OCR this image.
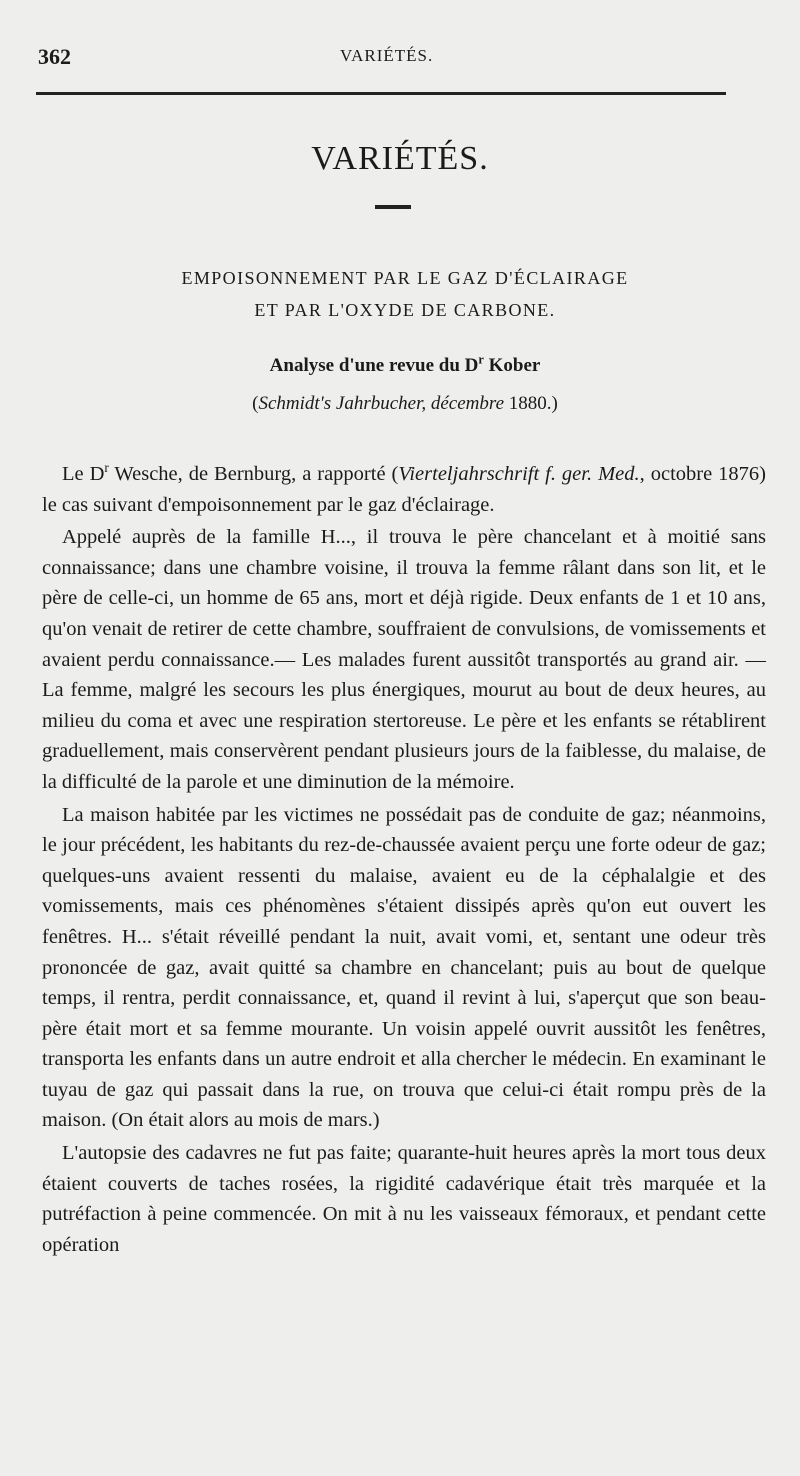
362	VARIÉTÉS.
VARIÉTÉS.
EMPOISONNEMENT PAR LE GAZ D'ÉCLAIRAGE
ET PAR L'OXYDE DE CARBONE.
Analyse d'une revue du $D^r$ Kober
(Schmidt's Jahrbucher, décembre 1880.)

Le $D^r$ Wesche, de Bernburg, a rapporté (Vierteljahrschrift f. ger. Med., octobre 1876) le cas suivant d'empoisonnement par le gaz d'éclairage.

Appelé auprès de la famille H..., il trouva le père chancelant et à moitié sans connaissance; dans une chambre voisine, il trouva la femme râlant dans son lit, et le père de celle-ci, un homme de 65 ans, mort et déjà rigide. Deux enfants de 1 et 10 ans, qu'on venait de retirer de cette chambre, souffraient de convulsions, de vomissements et avaient perdu connaissance.— Les malades furent aussitôt transportés au grand air. — La femme, malgré les secours les plus énergiques, mourut au bout de deux heures, au milieu du coma et avec une respiration stertoreuse. Le père et les enfants se rétablirent graduellement, mais conservèrent pendant plusieurs jours de la faiblesse, du malaise, de la difficulté de la parole et une diminution de la mémoire.

La maison habitée par les victimes ne possédait pas de conduite de gaz; néanmoins, le jour précédent, les habitants du rez-de-chaussée avaient perçu une forte odeur de gaz; quelques-uns avaient ressenti du malaise, avaient eu de la céphalalgie et des vomissements, mais ces phénomènes s'étaient dissipés après qu'on eut ouvert les fenêtres. H... s'était réveillé pendant la nuit, avait vomi, et, sentant une odeur très prononcée de gaz, avait quitté sa chambre en chancelant; puis au bout de quelque temps, il rentra, perdit connaissance, et, quand il revint à lui, s'aperçut que son beau-père était mort et sa femme mourante. Un voisin appelé ouvrit aussitôt les fenêtres, transporta les enfants dans un autre endroit et alla chercher le médecin. En examinant le tuyau de gaz qui passait dans la rue, on trouva que celui-ci était rompu près de la maison. (On était alors au mois de mars.)

L'autopsie des cadavres ne fut pas faite; quarante-huit heures après la mort tous deux étaient couverts de taches rosées, la rigidité cadavérique était très marquée et la putréfaction à peine commencée. On mit à nu les vaisseaux fémoraux, et pendant cette opération
